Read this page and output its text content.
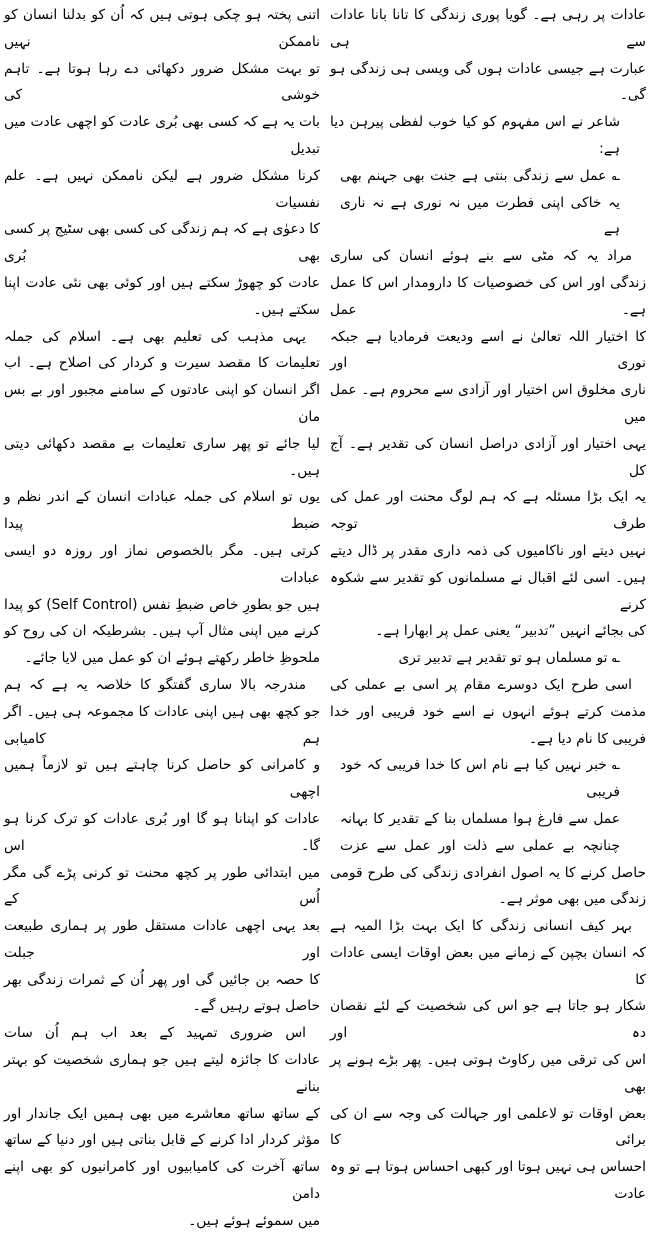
عادات پر رہی ہے۔ گویا پوری زندگی کا تانا بانا عادات سے ہی

عبارت ہے جیسی عادات ہوں گی ویسی ہی زندگی ہو گی۔

شاعر نے اس مفہوم کو کیا خوب لفظی پیرہن دیا ہے:

؎ عمل سے زندگی بنتی ہے جنت بھی جہنم بھی

یہ خاکی اپنی فطرت میں نہ نوری ہے نہ ناری ہے

مراد یہ کہ مٹی سے بنے ہوئے انسان کی ساری

زندگی اور اس کی خصوصیات کا دارومدار اس کا عمل ہے۔ عمل

کا اختیار اللہ تعالیٰ نے اسے ودیعت فرمادیا ہے جبکہ نوری اور

ناری مخلوق اس اختیار اور آزادی سے محروم ہے۔ عمل میں

یہی اختیار اور آزادی دراصل انسان کی تقدیر ہے۔ آج کل

یہ ایک بڑا مسئلہ ہے کہ ہم لوگ محنت اور عمل کی طرف توجہ

نہیں دیتے اور ناکامیوں کی ذمہ داری مقدر پر ڈال دیتے

ہیں۔ اسی لئے اقبال نے مسلمانوں کو تقدیر سے شکوہ کرنے

کی بجائے انہیں ”تدبیر“ یعنی عمل پر ابھارا ہے۔

؎ تو مسلماں ہو تو تقدیر ہے تدبیر تری

اسی طرح ایک دوسرے مقام پر اسی بے عملی کی

مذمت کرتے ہوئے انہوں نے اسے خود فریبی اور خدا

فریبی کا نام دیا ہے۔

؎ خبر نہیں کیا ہے نام اس کا خدا فریبی کہ خود فریبی

عمل سے فارغ ہوا مسلماں بنا کے تقدیر کا بہانہ

چنانچہ بے عملی سے ذلت اور عمل سے عزت

حاصل کرنے کا یہ اصول انفرادی زندگی کی طرح قومی

زندگی میں بھی موثر ہے۔

بہر کیف انسانی زندگی کا ایک بہت بڑا المیہ ہے

کہ انسان بچپن کے زمانے میں بعض اوقات ایسی عادات کا

شکار ہو جاتا ہے جو اس کی شخصیت کے لئے نقصان دہ اور

اس کی ترقی میں رکاوٹ ہوتی ہیں۔ پھر بڑے ہونے پر بھی

بعض اوقات تو لاعلمی اور جہالت کی وجہ سے ان کی برائی کا

احساس ہی نہیں ہوتا اور کبھی احساس ہوتا ہے تو وہ عادت

اتنی پختہ ہو چکی ہوتی ہیں کہ اُن کو بدلنا انسان کو ناممکن نہیں

تو بہت مشکل ضرور دکھائی دے رہا ہوتا ہے۔ تاہم خوشی کی

بات یہ ہے کہ کسی بھی بُری عادت کو اچھی عادت میں تبدیل

کرنا مشکل ضرور ہے لیکن ناممکن نہیں ہے۔ علم نفسیات

کا دعوٰی ہے کہ ہم زندگی کی کسی بھی سٹیج پر کسی بھی بُری

عادت کو چھوڑ سکتے ہیں اور کوئی بھی نئی عادت اپنا سکتے ہیں۔

یہی مذہب کی تعلیم بھی ہے۔ اسلام کی جملہ

تعلیمات کا مقصد سیرت و کردار کی اصلاح ہے۔ اب

اگر انسان کو اپنی عادتوں کے سامنے مجبور اور بے بس مان

لیا جائے تو پھر ساری تعلیمات بے مقصد دکھائی دیتی ہیں۔

یوں تو اسلام کی جملہ عبادات انسان کے اندر نظم و ضبط پیدا

کرتی ہیں۔ مگر بالخصوص نماز اور روزہ دو ایسی عبادات

ہیں جو بطورِ خاص ضبطِ نفس (Self Control) کو پیدا

کرنے میں اپنی مثال آپ ہیں۔ بشرطیکہ ان کی روح کو

ملحوظِ خاطر رکھتے ہوئے ان کو عمل میں لایا جائے۔

مندرجہ بالا ساری گفتگو کا خلاصہ یہ ہے کہ ہم

جو کچھ بھی ہیں اپنی عادات کا مجموعہ ہی ہیں۔ اگر ہم کامیابی

و کامرانی کو حاصل کرنا چاہتے ہیں تو لازماً ہمیں اچھی

عادات کو اپنانا ہو گا اور بُری عادات کو ترک کرنا ہو گا۔ اس

میں ابتدائی طور پر کچھ محنت تو کرنی پڑے گی مگر اُس کے

بعد یہی اچھی عادات مستقل طور پر ہماری طبیعت اور جبلت

کا حصہ بن جائیں گی اور پھر اُن کے ثمرات زندگی بھر

حاصل ہوتے رہیں گے۔

اس ضروری تمہید کے بعد اب ہم اُن سات

عادات کا جائزہ لیتے ہیں جو ہماری شخصیت کو بہتر بنانے

کے ساتھ ساتھ معاشرے میں بھی ہمیں ایک جاندار اور

مؤثر کردار ادا کرنے کے قابل بناتی ہیں اور دنیا کے ساتھ

ساتھ آخرت کی کامیابیوں اور کامرانیوں کو بھی اپنے دامن

میں سموئے ہوئے ہیں۔
